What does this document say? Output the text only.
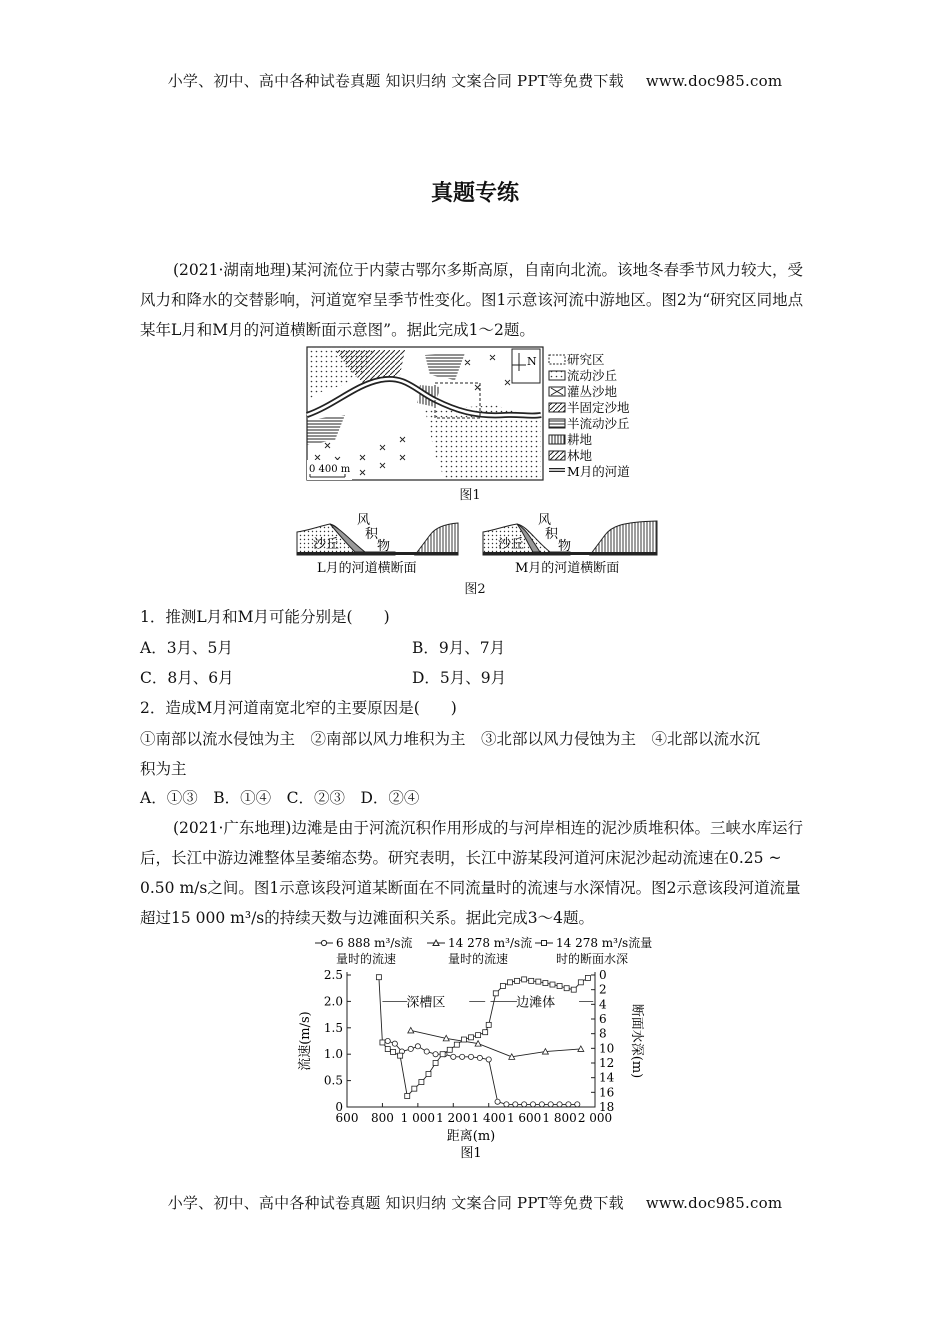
小学、初中、高中各种试卷真题 知识归纳 文案合同 PPT等免费下载 www.doc985.com
真题专练

(2021·湖南地理)某河流位于内蒙古鄂尔多斯高原，自南向北流。该地冬春季节风力较大，受风力和降水的交替影响，河道宽窄呈季节性变化。图1示意该河流中游地区。图2为“研究区同地点某年L月和M月的河道横断面示意图”。据此完成1～2题。

N
0 400 m
研究区
流动沙丘
灌丛沙地
半固定沙地
半流动沙丘
耕地
林地
M月的河道
图1
沙丘
风
积
物
L月的河道横断面
沙丘
风
积
物
M月的河道横断面
图2
1．推测L月和M月可能分别是(　　)
A．3月、5月	B．9月、7月
C．8月、6月	D．5月、9月
2．造成M月河道南宽北窄的主要原因是(　　)
①南部以流水侵蚀为主　②南部以风力堆积为主　③北部以风力侵蚀为主　④北部以流水沉
积为主
A．①③　B．①④　C．②③　D．②④

(2021·广东地理)边滩是由于河流沉积作用形成的与河岸相连的泥沙质堆积体。三峡水库运行后，长江中游边滩整体呈萎缩态势。研究表明，长江中游某段河道河床泥沙起动流速在0.25 ~ 0.50 m/s之间。图1示意该段河道某断面在不同流量时的流速与水深情况。图2示意该段河道流量超过15 000 m³/s的持续天数与边滩面积关系。据此完成3～4题。

0
0.5
1.0
1.5
2.0
2.5	0
2
4
6
8
10
12
14
16
18
600 800 1 000 1 200 1 400 1 600 1 800 2 000
距离(m)
流速(m/s)	断面水深(m)
图1
深槽区	边滩体
6 888 m³/s流
量时的流速
14 278 m³/s流
量时的流速
14 278 m³/s流量
时的断面水深
小学、初中、高中各种试卷真题 知识归纳 文案合同 PPT等免费下载 www.doc985.com
